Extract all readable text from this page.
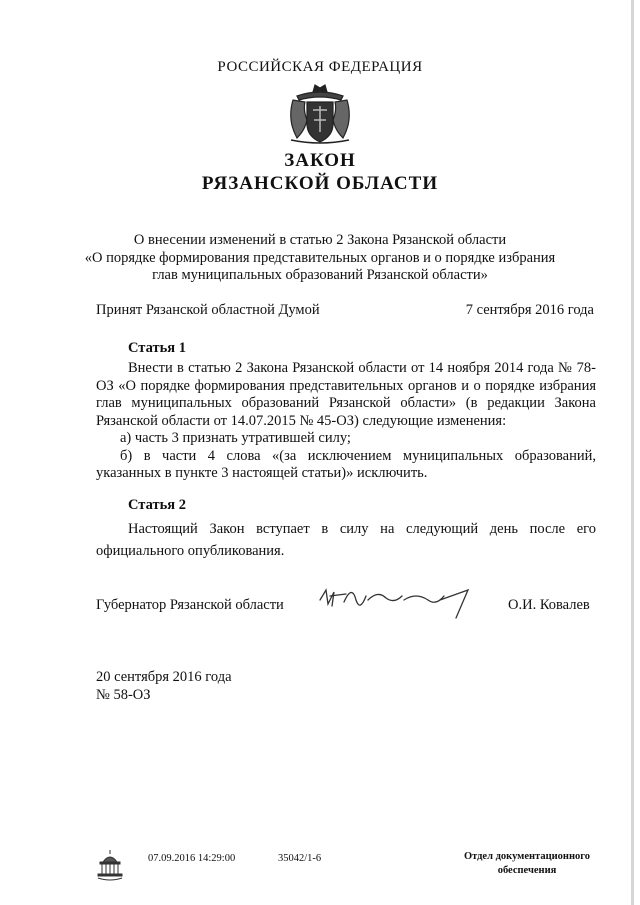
РОССИЙСКАЯ ФЕДЕРАЦИЯ
ЗАКОН
РЯЗАНСКОЙ ОБЛАСТИ
О внесении изменений в статью 2 Закона Рязанской области
«О порядке формирования представительных органов и о порядке избрания
глав муниципальных образований Рязанской области»
Принят Рязанской областной Думой	7 сентября 2016 года
Статья 1

Внести в статью 2 Закона Рязанской области от 14 ноября 2014 года № 78-ОЗ «О порядке формирования представительных органов и о порядке избрания глав муниципальных образований Рязанской области» (в редакции Закона Рязанской области от 14.07.2015 № 45-ОЗ) следующие изменения:

а) часть 3 признать утратившей силу;

б) в части 4 слова «(за исключением муниципальных образований, указанных в пункте 3 настоящей статьи)» исключить.

Статья 2

Настоящий Закон вступает в силу на следующий день после его официального опубликования.

Губернатор Рязанской области	О.И. Ковалев
20 сентября 2016 года
№ 58-ОЗ
07.09.2016 14:29:00	35042/1-6	Отдел документационного
обеспечения
